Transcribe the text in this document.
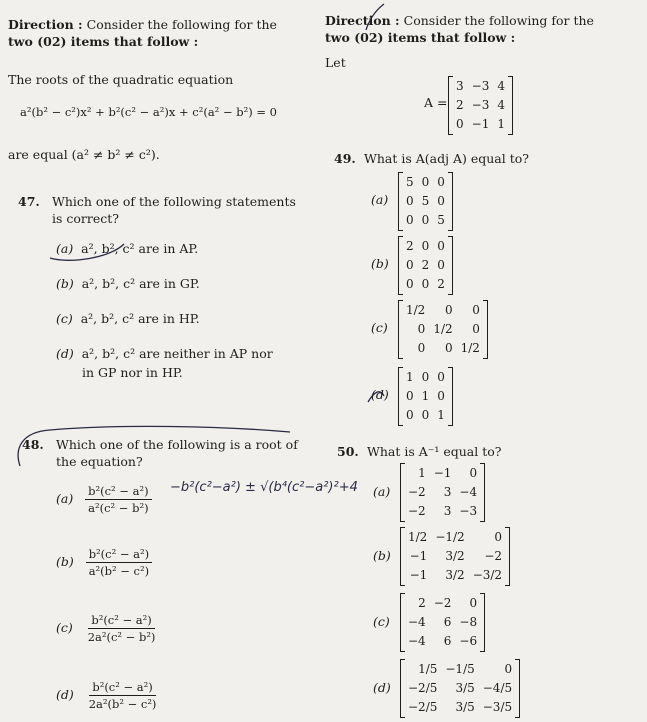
Direction : Consider the following for the
two (02) items that follow :
The roots of the quadratic equation
a²(b² − c²)x² + b²(c² − a²)x + c²(a² − b²) = 0
are equal (a² ≠ b² ≠ c²).
47. Which one of the following statements
is correct?
(a) a², b², c² are in AP.
(b) a², b², c² are in GP.
(c) a², b², c² are in HP.
(d) a², b², c² are neither in AP nor
in GP nor in HP.
48. Which one of the following is a root of
the equation?
$(a) \frac{\text{b²(c² − a²)}}{\text{a²(c² − b²)}}$
$(b) \frac{\text{b²(c² − a²)}}{\text{a²(b² − c²)}}$
$(c) \frac{\text{b²(c² − a²)}}{\text{2a²(c² − b²)}}$
$(d) \frac{\text{b²(c² − a²)}}{\text{2a²(b² − c²)}}$
−b²(c²−a²) ± √(b⁴(c²−a²)²+4
Direction : Consider the following for the
two (02) items that follow :
Let
A =
3	−3	4
2	−3	4
0	−1	1
49. What is A(adj A) equal to?
(a)
5	0	0
0	5	0
0	0	5
(b)
2	0	0
0	2	0
0	0	2
(c)
1/2	0	0
0	1/2	0
0	0	1/2
(d)
1	0	0
0	1	0
0	0	1
50. What is A⁻¹ equal to?
(a)
1	−1	0
−2	3	−4
−2	3	−3
(b)
1/2	−1/2	0
−1	3/2	−2
−1	3/2	−3/2
(c)
2	−2	0
−4	6	−8
−4	6	−6
(d)
1/5	−1/5	0
−2/5	3/5	−4/5
−2/5	3/5	−3/5
